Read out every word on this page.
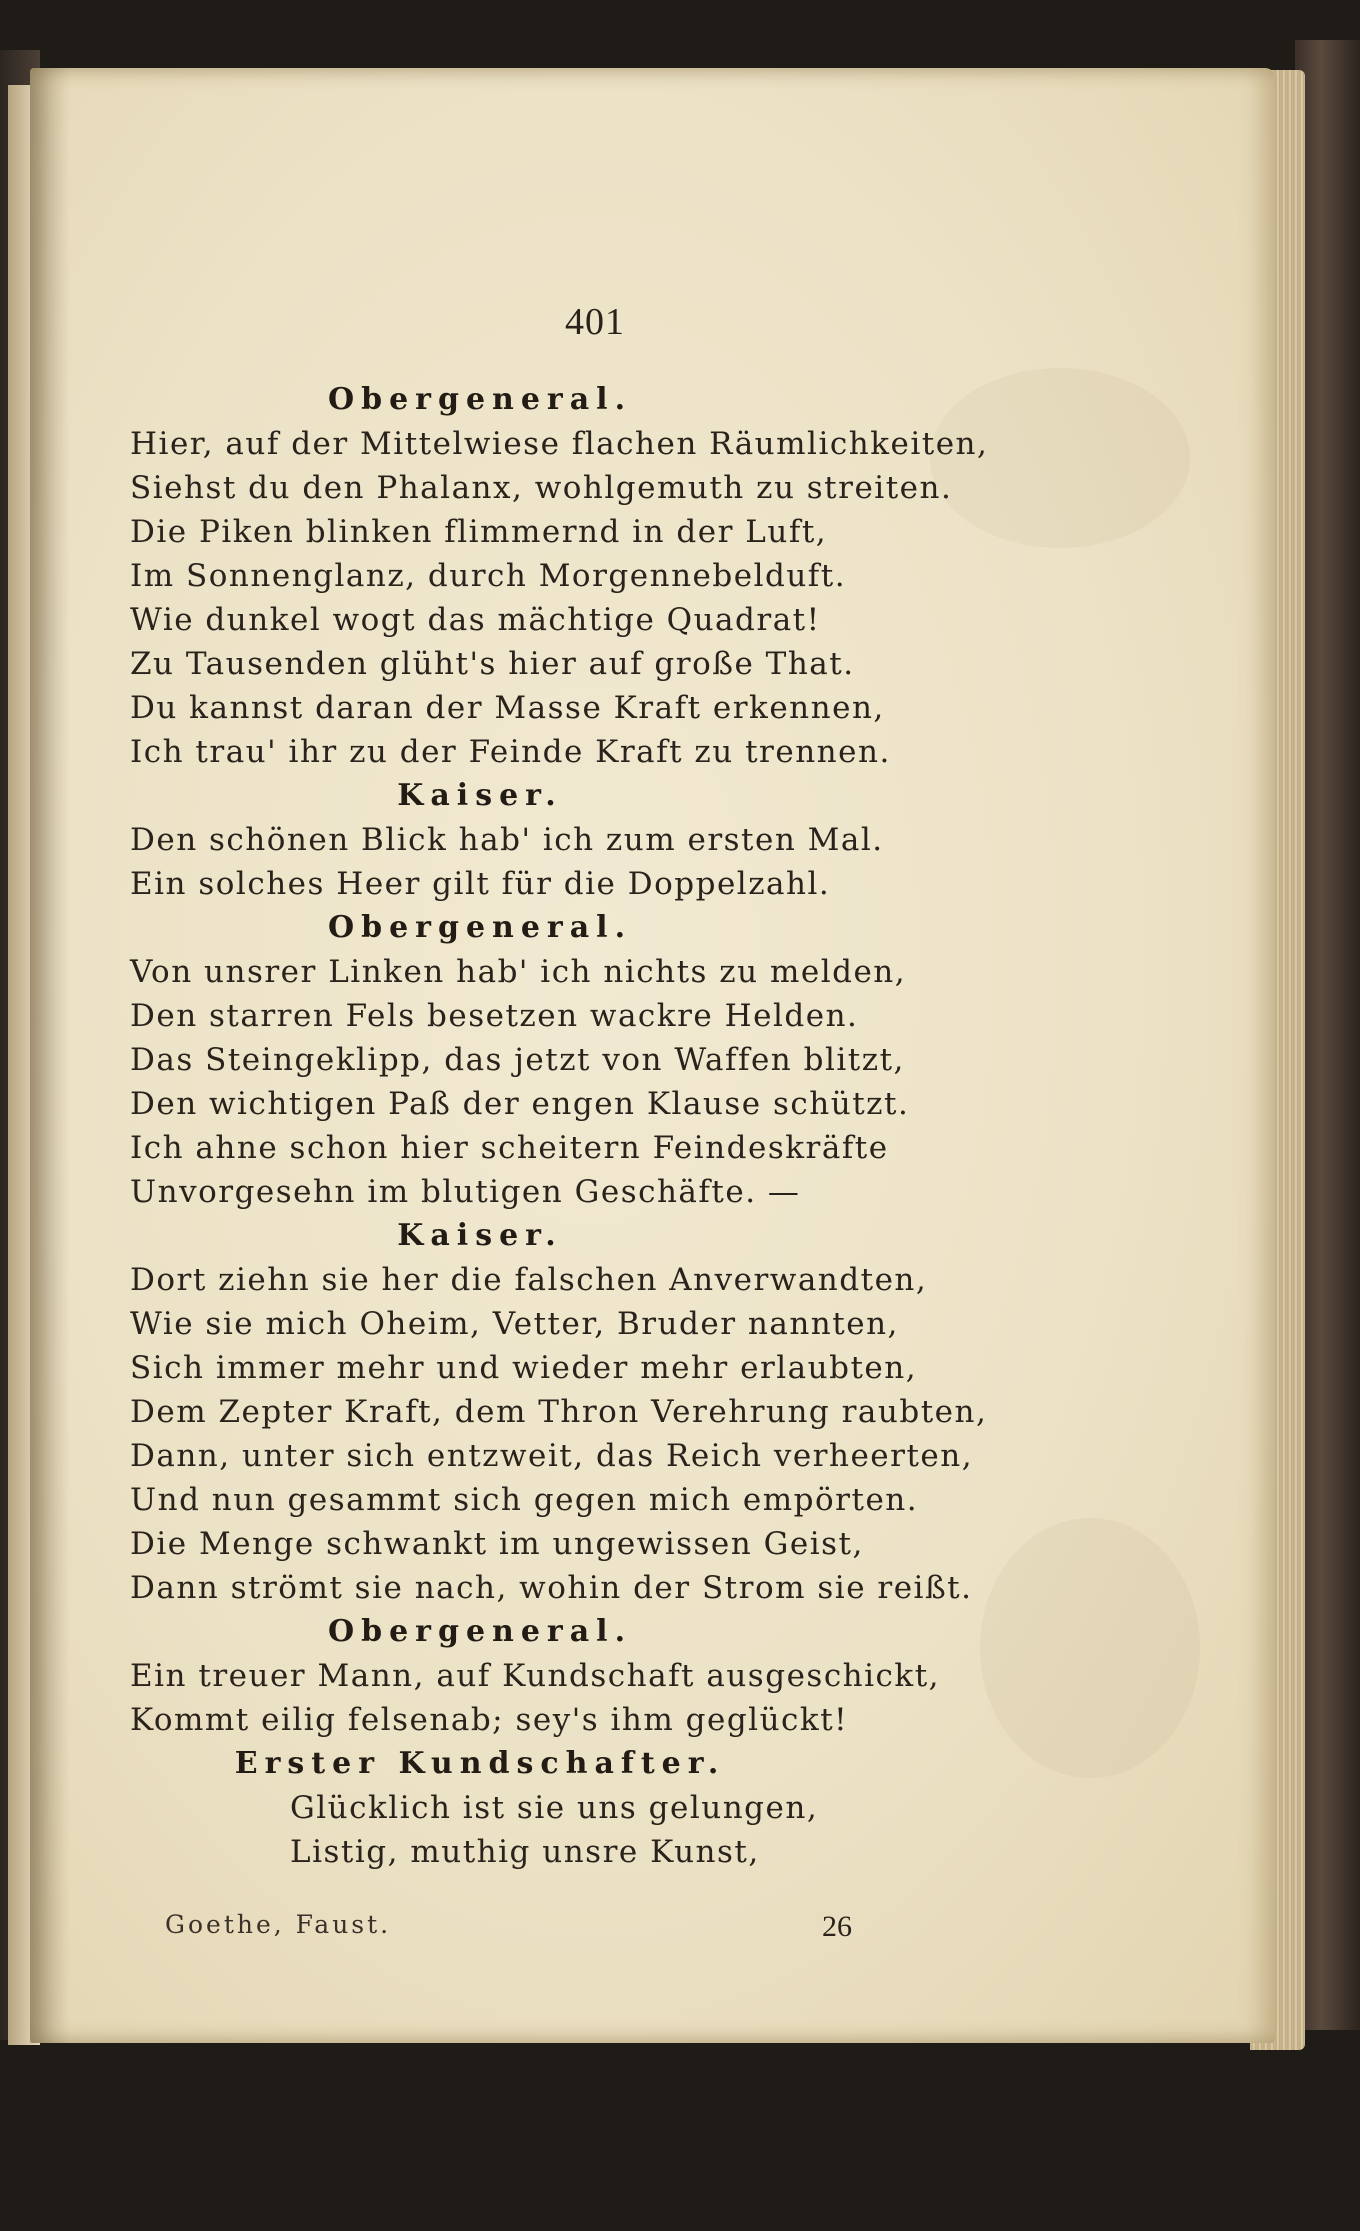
401
Obergeneral.
Hier, auf der Mittelwiese flachen Räumlichkeiten,
Siehst du den Phalanx, wohlgemuth zu streiten.
Die Piken blinken flimmernd in der Luft,
Im Sonnenglanz, durch Morgennebelduft.
Wie dunkel wogt das mächtige Quadrat!
Zu Tausenden glüht's hier auf große That.
Du kannst daran der Masse Kraft erkennen,
Ich trau' ihr zu der Feinde Kraft zu trennen.
Kaiser.
Den schönen Blick hab' ich zum ersten Mal.
Ein solches Heer gilt für die Doppelzahl.
Obergeneral.
Von unsrer Linken hab' ich nichts zu melden,
Den starren Fels besetzen wackre Helden.
Das Steingeklipp, das jetzt von Waffen blitzt,
Den wichtigen Paß der engen Klause schützt.
Ich ahne schon hier scheitern Feindeskräfte
Unvorgesehn im blutigen Geschäfte. —
Kaiser.
Dort ziehn sie her die falschen Anverwandten,
Wie sie mich Oheim, Vetter, Bruder nannten,
Sich immer mehr und wieder mehr erlaubten,
Dem Zepter Kraft, dem Thron Verehrung raubten,
Dann, unter sich entzweit, das Reich verheerten,
Und nun gesammt sich gegen mich empörten.
Die Menge schwankt im ungewissen Geist,
Dann strömt sie nach, wohin der Strom sie reißt.
Obergeneral.
Ein treuer Mann, auf Kundschaft ausgeschickt,
Kommt eilig felsenab; sey's ihm geglückt!
Erster Kundschafter.
Glücklich ist sie uns gelungen,
Listig, muthig unsre Kunst,
Goethe, Faust.	26
